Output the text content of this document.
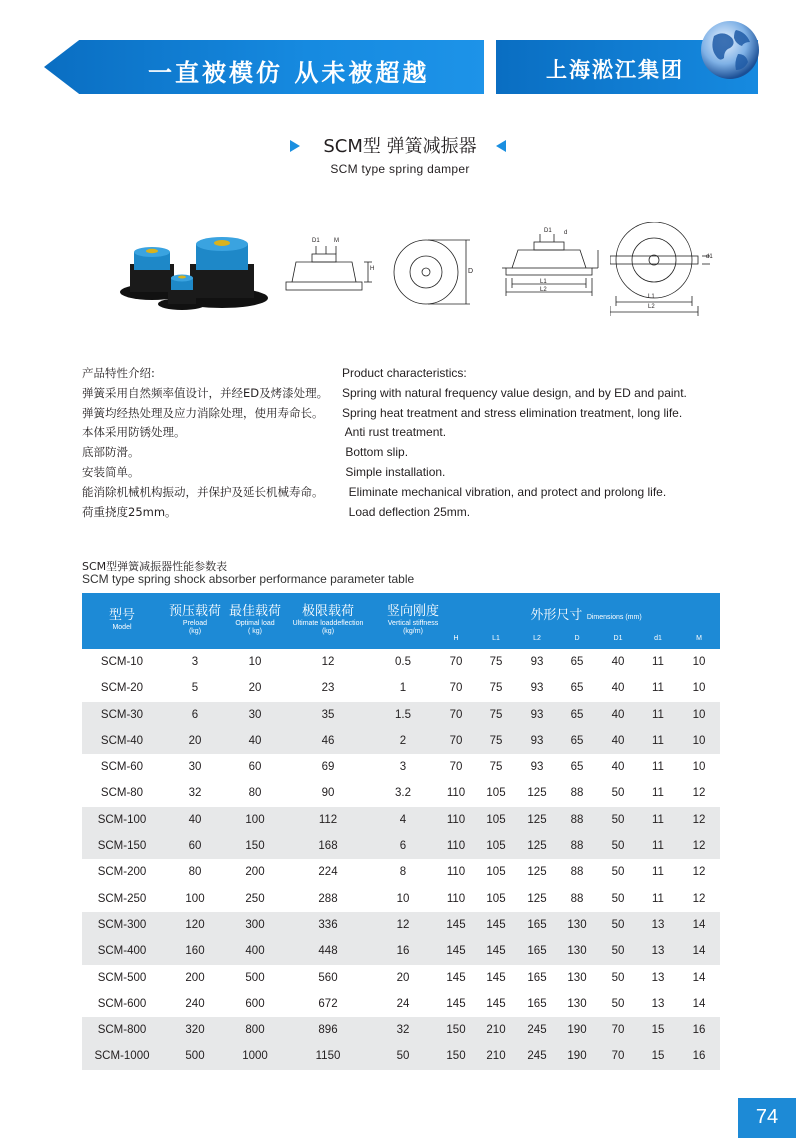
一直被模仿 从未被超越	上海淞江集团
SCM型 弹簧减振器
SCM type spring damper
D1 M
H	D
D1 d
L1
L2
L1
L2
d1
产品特性介绍:
弹簧采用自然频率值设计，并经ED及烤漆处理。
弹簧均经热处理及应力消除处理，使用寿命长。
本体采用防锈处理。
底部防滑。
安装简单。
能消除机械机构振动，并保护及延长机械寿命。
荷重挠度25mm。
Product characteristics:
Spring with natural frequency value design, and by ED and paint.
Spring heat treatment and stress elimination treatment, long life.
Anti rust treatment.
Bottom slip.
Simple installation.
Eliminate mechanical vibration, and protect and prolong life.
Load deflection 25mm.
SCM型弹簧减振器性能参数表
SCM type spring shock absorber performance parameter table
型号
Model
预压载荷
Preload
(kg)
最佳载荷
Optimal load
( kg)
极限载荷
Ultimate loaddeflection
(kg)
竖向刚度
Vertical stiffness
(kg/m)
外形尺寸 Dimensions (mm)
H	L1	L2	D	D1	d1	M
SCM-10	3	10	12	0.5	70	75	93	65	40	11	10
SCM-20	5	20	23	1	70	75	93	65	40	11	10
SCM-30	6	30	35	1.5	70	75	93	65	40	11	10
SCM-40	20	40	46	2	70	75	93	65	40	11	10
SCM-60	30	60	69	3	70	75	93	65	40	11	10
SCM-80	32	80	90	3.2	110	105	125	88	50	11	12
SCM-100	40	100	112	4	110	105	125	88	50	11	12
SCM-150	60	150	168	6	110	105	125	88	50	11	12
SCM-200	80	200	224	8	110	105	125	88	50	11	12
SCM-250	100	250	288	10	110	105	125	88	50	11	12
SCM-300	120	300	336	12	145	145	165	130	50	13	14
SCM-400	160	400	448	16	145	145	165	130	50	13	14
SCM-500	200	500	560	20	145	145	165	130	50	13	14
SCM-600	240	600	672	24	145	145	165	130	50	13	14
SCM-800	320	800	896	32	150	210	245	190	70	15	16
SCM-1000	500	1000	1150	50	150	210	245	190	70	15	16
74
